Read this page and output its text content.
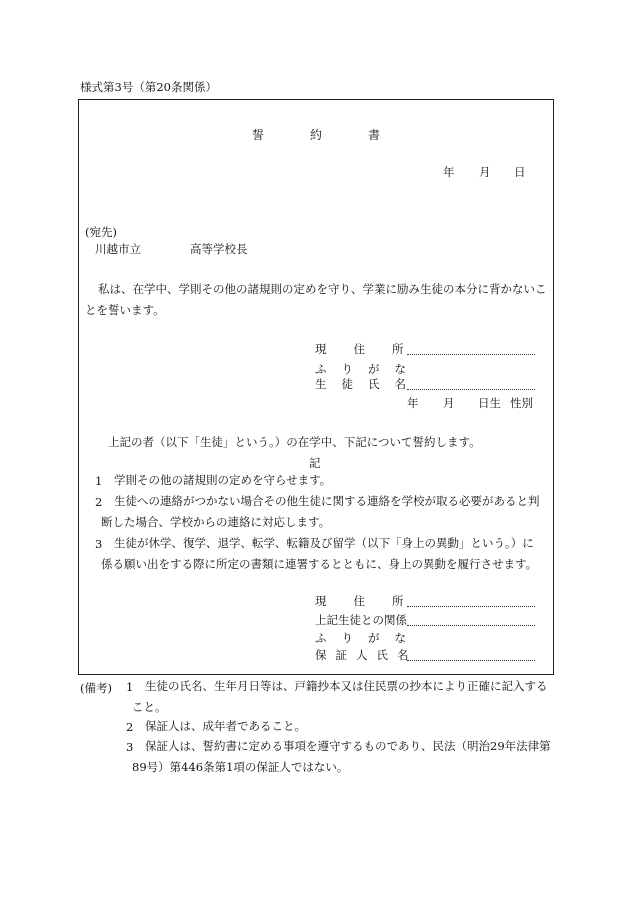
様式第3号（第20条関係）
誓	約	書
年 月 日
(宛先)
川越市立	高等学校長
私は、在学中、学則その他の諸規則の定めを守り、学業に励み生徒の本分に背かないことを誓います。
現 住 所
ふ り が な
生 徒 氏 名
年 月 日生 性別
上記の者（以下「生徒」という。）の在学中、下記について誓約します。
記
1 学則その他の諸規則の定めを守らせます。
2	生徒への連絡がつかない場合その他生徒に関する連絡を学校が取る必要があると判断した場合、学校からの連絡に対応します。
3	生徒が休学、復学、退学、転学、転籍及び留学（以下「身上の異動」という。）に係る願い出をする際に所定の書類に連署するとともに、身上の異動を履行させます。
現 住 所
上記生徒との関係
ふ り が な
保 証 人 氏 名
(備考) 1	生徒の氏名、生年月日等は、戸籍抄本又は住民票の抄本により正確に記入すること。
2 保証人は、成年者であること。
3	保証人は、誓約書に定める事項を遵守するものであり、民法（明治29年法律第89号）第446条第1項の保証人ではない。
